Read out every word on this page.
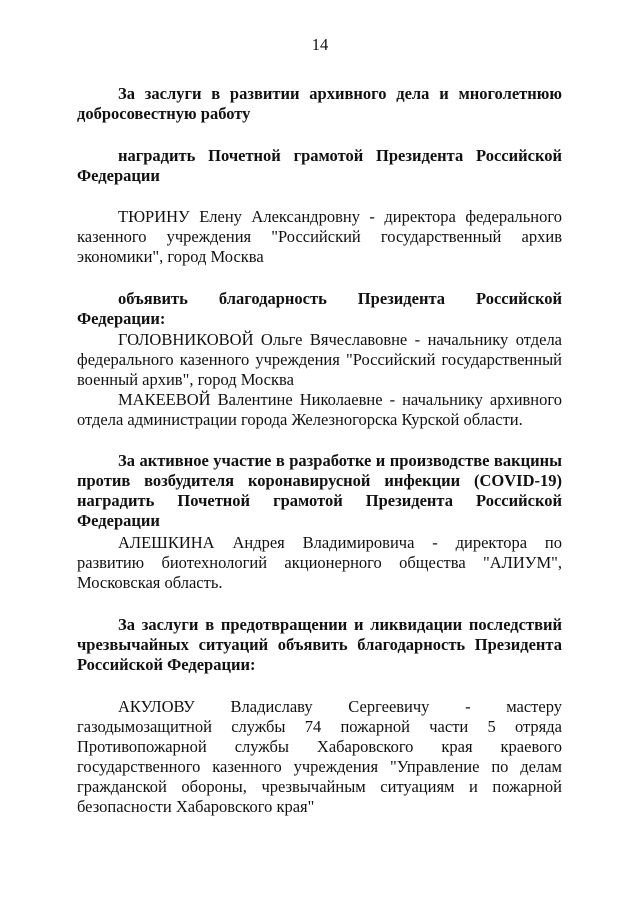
14

За заслуги в развитии архивного дела и многолетнюю добросовестную работу

наградить Почетной грамотой Президента Российской Федерации

ТЮРИНУ Елену Александровну - директора федерального казенного учреждения "Российский государственный архив экономики", город Москва

объявить благодарность Президента Российской Федерации:

ГОЛОВНИКОВОЙ Ольге Вячеславовне - начальнику отдела федерального казенного учреждения "Российский государственный военный архив", город Москва

МАКЕЕВОЙ Валентине Николаевне - начальнику архивного отдела администрации города Железногорска Курской области.

За активное участие в разработке и производстве вакцины против возбудителя коронавирусной инфекции (COVID-19) наградить Почетной грамотой Президента Российской Федерации

АЛЕШКИНА Андрея Владимировича - директора по развитию биотехнологий акционерного общества "АЛИУМ", Московская область.

За заслуги в предотвращении и ликвидации последствий чрезвычайных ситуаций объявить благодарность Президента Российской Федерации:

АКУЛОВУ Владиславу Сергеевичу - мастеру газодымозащитной службы 74 пожарной части 5 отряда Противопожарной службы Хабаровского края краевого государственного казенного учреждения "Управление по делам гражданской обороны, чрезвычайным ситуациям и пожарной безопасности Хабаровского края"
